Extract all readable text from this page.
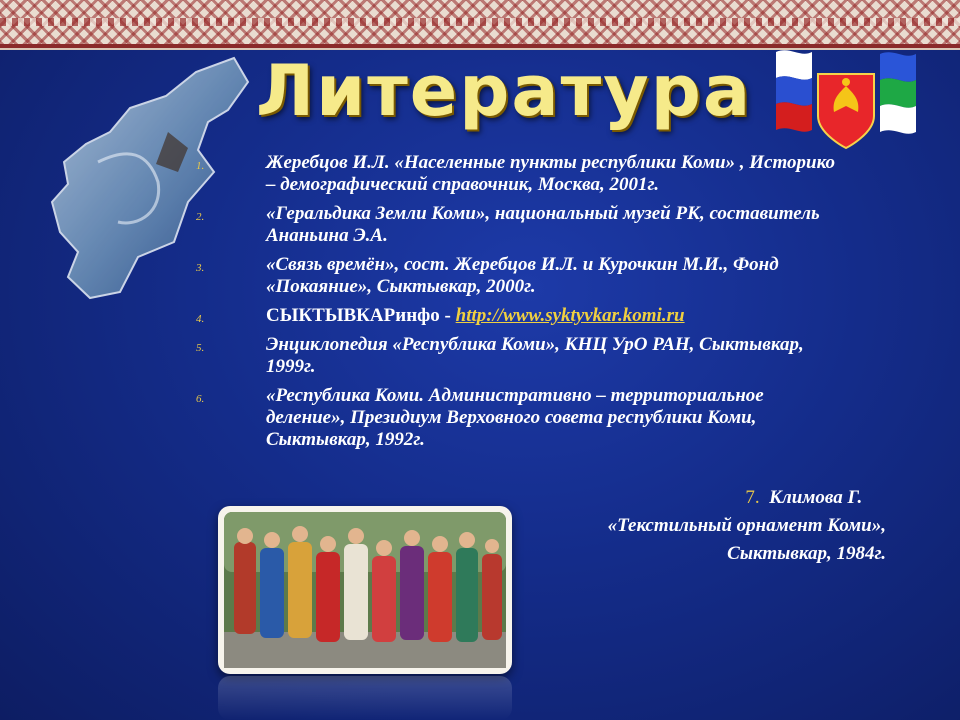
Литература
1.	Жеребцов И.Л. «Населенные пункты республики Коми» , Историко – демографический справочник, Москва, 2001г.
2.	«Геральдика Земли Коми», национальный музей РК, составитель Ананьина Э.А.
3.	«Связь времён», сост. Жеребцов И.Л. и Курочкин М.И., Фонд «Покаяние», Сыктывкар, 2000г.
4.	СЫКТЫВКАРинфо - http://www.syktyvkar.komi.ru
5.	Энциклопедия «Республика Коми», КНЦ УрО РАН, Сыктывкар, 1999г.
6.	«Республика Коми. Административно – территориальное деление», Президиум Верховного совета республики Коми, Сыктывкар, 1992г.
7. Климова Г.
«Текстильный орнамент Коми»,
Сыктывкар, 1984г.
